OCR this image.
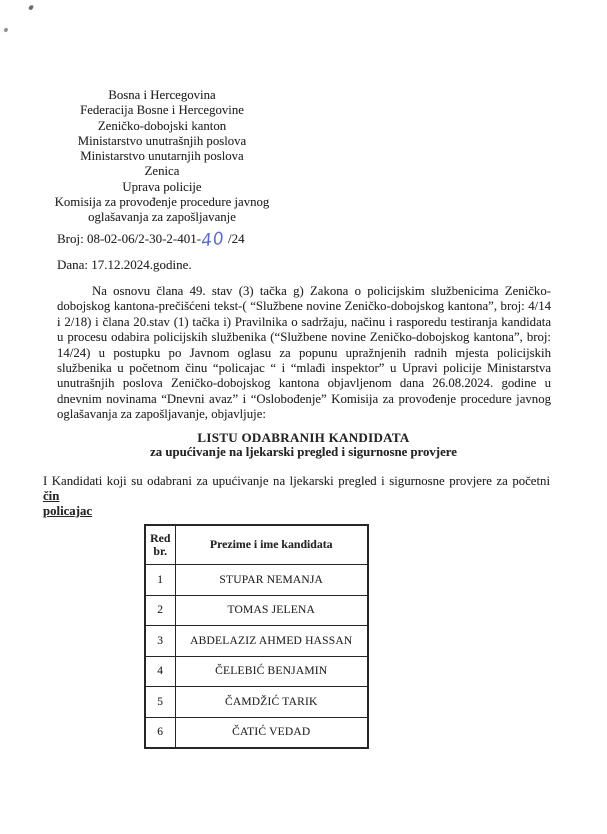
Bosna i Hercegovina
Federacija Bosne i Hercegovine
Zeničko-dobojski kanton
Ministarstvo unutrašnjih poslova
Ministarstvo unutarnjih poslova
Zenica
Uprava policije
Komisija za provođenje procedure javnog
oglašavanja za zapošljavanje
Broj: 08-02-06/2-30-2-401-40 /24
Dana: 17.12.2024.godine.
Na osnovu člana 49. stav (3) tačka g) Zakona o policijskim službenicima Zeničko-dobojskog kantona-prečišćeni tekst-( “Službene novine Zeničko-dobojskog kantona”, broj: 4/14 i 2/18) i člana 20.stav (1) tačka i) Pravilnika o sadržaju, načinu i rasporedu testiranja kandidata u procesu odabira policijskih službenika (“Službene novine Zeničko-dobojskog kantona”, broj: 14/24) u postupku po Javnom oglasu za popunu upražnjenih radnih mjesta policijskih službenika u početnom činu “policajac “ i “mlađi inspektor” u Upravi policije Ministarstva unutrašnjih poslova Zeničko-dobojskog kantona objavljenom dana 26.08.2024. godine u dnevnim novinama “Dnevni avaz” i “Oslobođenje” Komisija za provođenje procedure javnog oglašavanja za zapošljavanje, objavljuje:
LISTU ODABRANIH KANDIDATA
za upućivanje na ljekarski pregled i sigurnosne provjere
I Kandidati koji su odabrani za upućivanje na ljekarski pregled i sigurnosne provjere za početni čin
policajac
Red br.	Prezime i ime kandidata
1	STUPAR NEMANJA
2	TOMAS JELENA
3	ABDELAZIZ AHMED HASSAN
4	ČELEBIĆ BENJAMIN
5	ČAMDŽIĆ TARIK
6	ČATIĆ VEDAD
